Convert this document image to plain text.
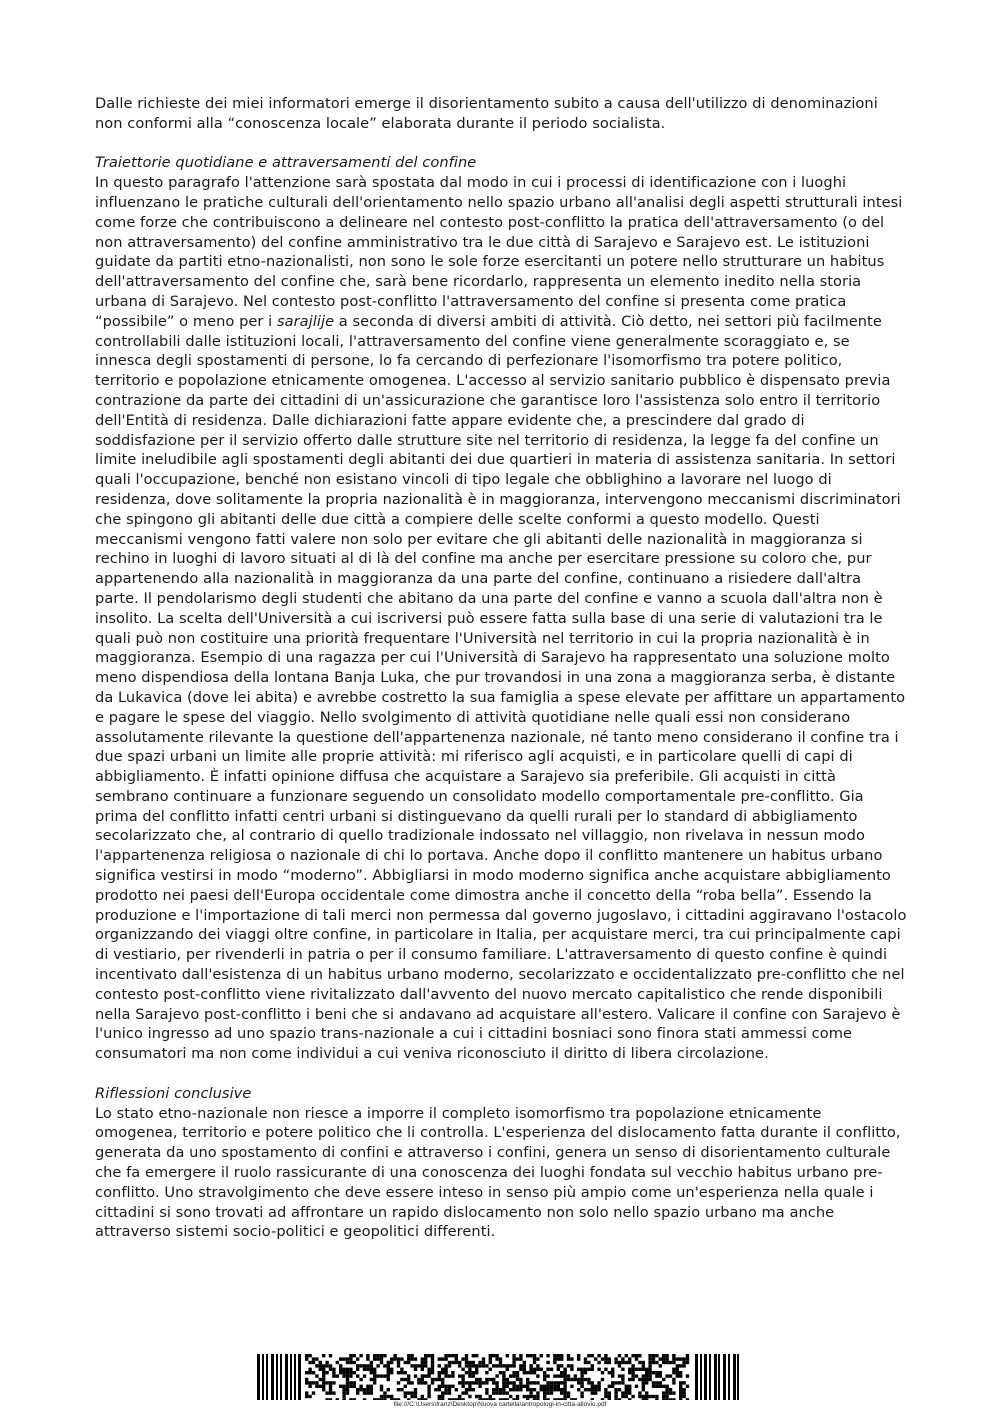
Dalle richieste dei miei informatori emerge il disorientamento subito a causa dell'utilizzo di denominazioni non conformi alla “conoscenza locale” elaborata durante il periodo socialista.

Traiettorie quotidiane e attraversamenti del confine

In questo paragrafo l'attenzione sarà spostata dal modo in cui i processi di identificazione con i luoghi influenzano le pratiche culturali dell'orientamento nello spazio urbano all'analisi degli aspetti strutturali intesi come forze che contribuiscono a delineare nel contesto post-conflitto la pratica dell'attraversamento (o del non attraversamento) del confine amministrativo tra le due città di Sarajevo e Sarajevo est. Le istituzioni guidate da partiti etno-nazionalisti, non sono le sole forze esercitanti un potere nello strutturare un habitus dell'attraversamento del confine che, sarà bene ricordarlo, rappresenta un elemento inedito nella storia urbana di Sarajevo. Nel contesto post-conflitto l'attraversamento del confine si presenta come pratica “possibile” o meno per i sarajlije a seconda di diversi ambiti di attività. Ciò detto, nei settori più facilmente controllabili dalle istituzioni locali, l'attraversamento del confine viene generalmente scoraggiato e, se innesca degli spostamenti di persone, lo fa cercando di perfezionare l'isomorfismo tra potere politico, territorio e popolazione etnicamente omogenea. L'accesso al servizio sanitario pubblico è dispensato previa contrazione da parte dei cittadini di un'assicurazione che garantisce loro l'assistenza solo entro il territorio dell'Entità di residenza. Dalle dichiarazioni fatte appare evidente che, a prescindere dal grado di soddisfazione per il servizio offerto dalle strutture site nel territorio di residenza, la legge fa del confine un limite ineludibile agli spostamenti degli abitanti dei due quartieri in materia di assistenza sanitaria. In settori quali l'occupazione, benché non esistano vincoli di tipo legale che obblighino a lavorare nel luogo di residenza, dove solitamente la propria nazionalità è in maggioranza, intervengono meccanismi discriminatori che spingono gli abitanti delle due città a compiere delle scelte conformi a questo modello. Questi meccanismi vengono fatti valere non solo per evitare che gli abitanti delle nazionalità in maggioranza si rechino in luoghi di lavoro situati al di là del confine ma anche per esercitare pressione su coloro che, pur appartenendo alla nazionalità in maggioranza da una parte del confine, continuano a risiedere dall'altra parte. Il pendolarismo degli studenti che abitano da una parte del confine e vanno a scuola dall'altra non è insolito. La scelta dell'Università a cui iscriversi può essere fatta sulla base di una serie di valutazioni tra le quali può non costituire una priorità frequentare l'Università nel territorio in cui la propria nazionalità è in maggioranza. Esempio di una ragazza per cui l'Università di Sarajevo ha rappresentato una soluzione molto meno dispendiosa della lontana Banja Luka, che pur trovandosi in una zona a maggioranza serba, è distante da Lukavica (dove lei abita) e avrebbe costretto la sua famiglia a spese elevate per affittare un appartamento e pagare le spese del viaggio. Nello svolgimento di attività quotidiane nelle quali essi non considerano assolutamente rilevante la questione dell'appartenenza nazionale, né tanto meno considerano il confine tra i due spazi urbani un limite alle proprie attività: mi riferisco agli acquisti, e in particolare quelli di capi di abbigliamento. È infatti opinione diffusa che acquistare a Sarajevo sia preferibile. Gli acquisti in città sembrano continuare a funzionare seguendo un consolidato modello comportamentale pre-conflitto. Gia prima del conflitto infatti centri urbani si distinguevano da quelli rurali per lo standard di abbigliamento secolarizzato che, al contrario di quello tradizionale indossato nel villaggio, non rivelava in nessun modo l'appartenenza religiosa o nazionale di chi lo portava. Anche dopo il conflitto mantenere un habitus urbano significa vestirsi in modo “moderno”. Abbigliarsi in modo moderno significa anche acquistare abbigliamento prodotto nei paesi dell'Europa occidentale come dimostra anche il concetto della “roba bella”. Essendo la produzione e l'importazione di tali merci non permessa dal governo jugoslavo, i cittadini aggiravano l'ostacolo organizzando dei viaggi oltre confine, in particolare in Italia, per acquistare merci, tra cui principalmente capi di vestiario, per rivenderli in patria o per il consumo familiare. L'attraversamento di questo confine è quindi incentivato dall'esistenza di un habitus urbano moderno, secolarizzato e occidentalizzato pre-conflitto che nel contesto post-conflitto viene rivitalizzato dall'avvento del nuovo mercato capitalistico che rende disponibili nella Sarajevo post-conflitto i beni che si andavano ad acquistare all'estero. Valicare il confine con Sarajevo è l'unico ingresso ad uno spazio trans-nazionale a cui i cittadini bosniaci sono finora stati ammessi come consumatori ma non come individui a cui veniva riconosciuto il diritto di libera circolazione.

Riflessioni conclusive

Lo stato etno-nazionale non riesce a imporre il completo isomorfismo tra popolazione etnicamente omogenea, territorio e potere politico che li controlla. L'esperienza del dislocamento fatta durante il conflitto, generata da uno spostamento di confini e attraverso i confini, genera un senso di disorientamento culturale che fa emergere il ruolo rassicurante di una conoscenza dei luoghi fondata sul vecchio habitus urbano pre-conflitto. Uno stravolgimento che deve essere inteso in senso più ampio come un'esperienza nella quale i cittadini si sono trovati ad affrontare un rapido dislocamento non solo nello spazio urbano ma anche attraverso sistemi socio-politici e geopolitici differenti.

file:///C:\Users\franz\Desktop\Nuova cartella\antropologi-in-citta-allovio.pdf
